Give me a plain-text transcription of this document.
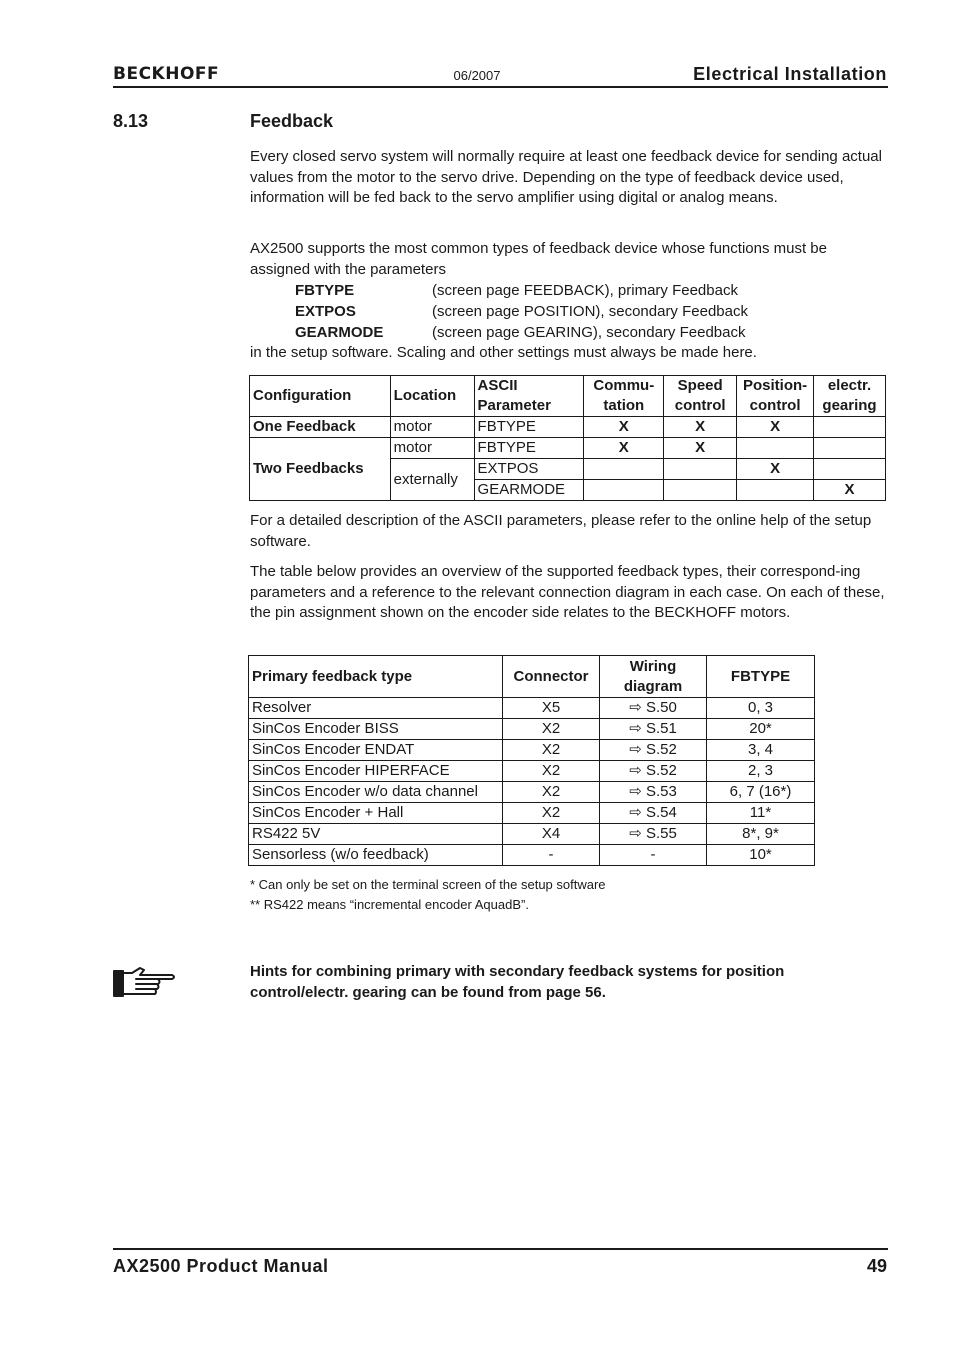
BECKHOFF	06/2007	Electrical Installation
8.13	Feedback
Every closed servo system will normally require at least one feedback device for sending actual values from the motor to the servo drive. Depending on the type of feedback device used, information will be fed back to the servo amplifier using digital or analog means.
AX2500 supports the most common types of feedback device whose functions must be assigned with the parameters
FBTYPE	(screen page FEEDBACK), primary Feedback
EXTPOS	(screen page POSITION), secondary Feedback
GEARMODE	(screen page GEARING), secondary Feedback
in the setup software. Scaling and other settings must always be made here.
Configuration	Location	ASCII Parameter	Commu-tation	Speed control	Position-control	electr. gearing
One Feedback	motor	FBTYPE	X	X	X	
Two Feedbacks	motor	FBTYPE	X	X		
	externally	EXTPOS			X	
		GEARMODE				X
For a detailed description of the ASCII parameters, please refer to the online help of the setup software.
The table below provides an overview of the supported feedback types, their correspond-ing parameters and a reference to the relevant connection diagram in each case. On each of these, the pin assignment shown on the encoder side relates to the BECKHOFF motors.
Primary feedback type	Connector	Wiring diagram	FBTYPE
Resolver	X5	⇨ S.50	0, 3
SinCos Encoder BISS	X2	⇨ S.51	20*
SinCos Encoder ENDAT	X2	⇨ S.52	3, 4
SinCos Encoder HIPERFACE	X2	⇨ S.52	2, 3
SinCos Encoder w/o data channel	X2	⇨ S.53	6, 7 (16*)
SinCos Encoder + Hall	X2	⇨ S.54	11*
RS422 5V	X4	⇨ S.55	8*, 9*
Sensorless (w/o feedback)	-	-	10*
* Can only be set on the terminal screen of the setup software
** RS422 means “incremental encoder AquadB”.
Hints for combining primary with secondary feedback systems for position
control/electr. gearing can be found from page 56.
AX2500 Product Manual	49
